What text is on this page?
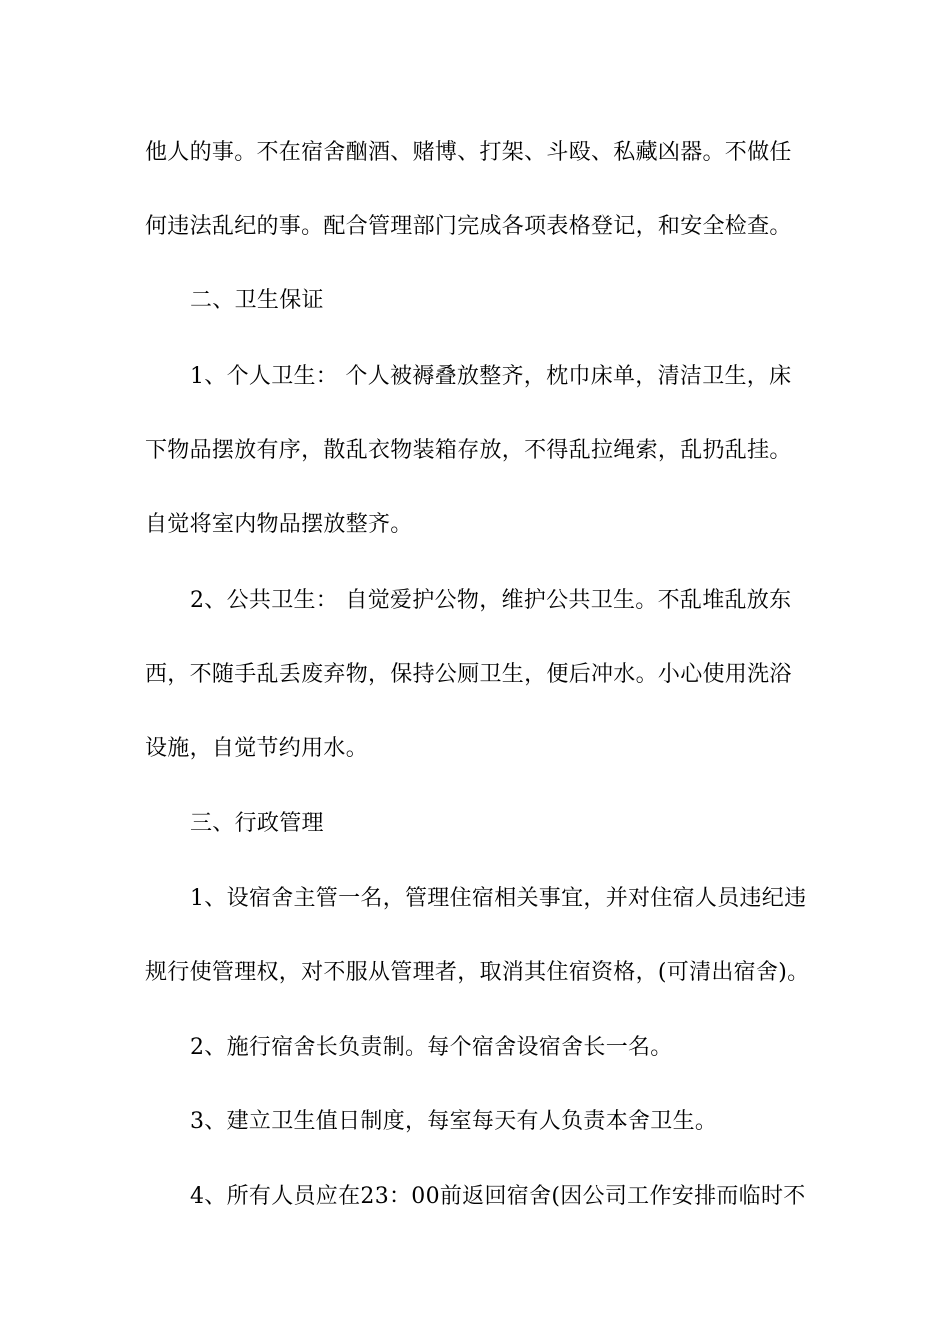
他人的事。不在宿舍酗酒、赌博、打架、斗殴、私藏凶器。不做任
何违法乱纪的事。配合管理部门完成各项表格登记，和安全检查。
二、卫生保证
1、个人卫生： 个人被褥叠放整齐，枕巾床单，清洁卫生，床
下物品摆放有序，散乱衣物装箱存放，不得乱拉绳索，乱扔乱挂。
自觉将室内物品摆放整齐。
2、公共卫生： 自觉爱护公物，维护公共卫生。不乱堆乱放东
西，不随手乱丢废弃物，保持公厕卫生，便后冲水。小心使用洗浴
设施，自觉节约用水。
三、行政管理
1、设宿舍主管一名，管理住宿相关事宜，并对住宿人员违纪违
规行使管理权，对不服从管理者，取消其住宿资格，(可清出宿舍)。
2、施行宿舍长负责制。每个宿舍设宿舍长一名。
3、建立卫生值日制度，每室每天有人负责本舍卫生。
4、所有人员应在23：00前返回宿舍(因公司工作安排而临时不
